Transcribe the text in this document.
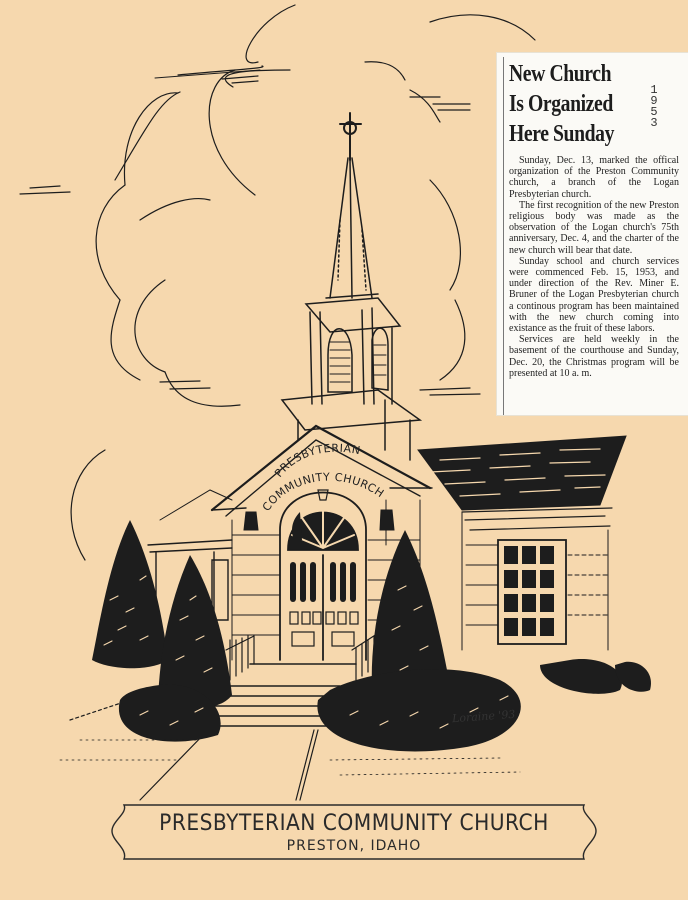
PRESBYTERIAN
COMMUNITY CHURCH
Loraine '93
New Church
Is Organized
Here Sunday
1
9
5
3

Sunday, Dec. 13, marked the offical organization of the Preston Community church, a branch of the Logan Presbyterian church.

The first recognition of the new Preston religious body was made as the observation of the Logan church's 75th anniversary, Dec. 4, and the charter of the new church will bear that date.

Sunday school and church services were commenced Feb. 15, 1953, and under direction of the Rev. Miner E. Bruner of the Logan Presbyterian church a continous program has been maintained with the new church coming into existance as the fruit of these labors.

Services are held weekly in the basement of the courthouse and Sunday, Dec. 20, the Christmas program will be presented at 10 a. m.

PRESBYTERIAN COMMUNITY CHURCH
PRESTON, IDAHO
